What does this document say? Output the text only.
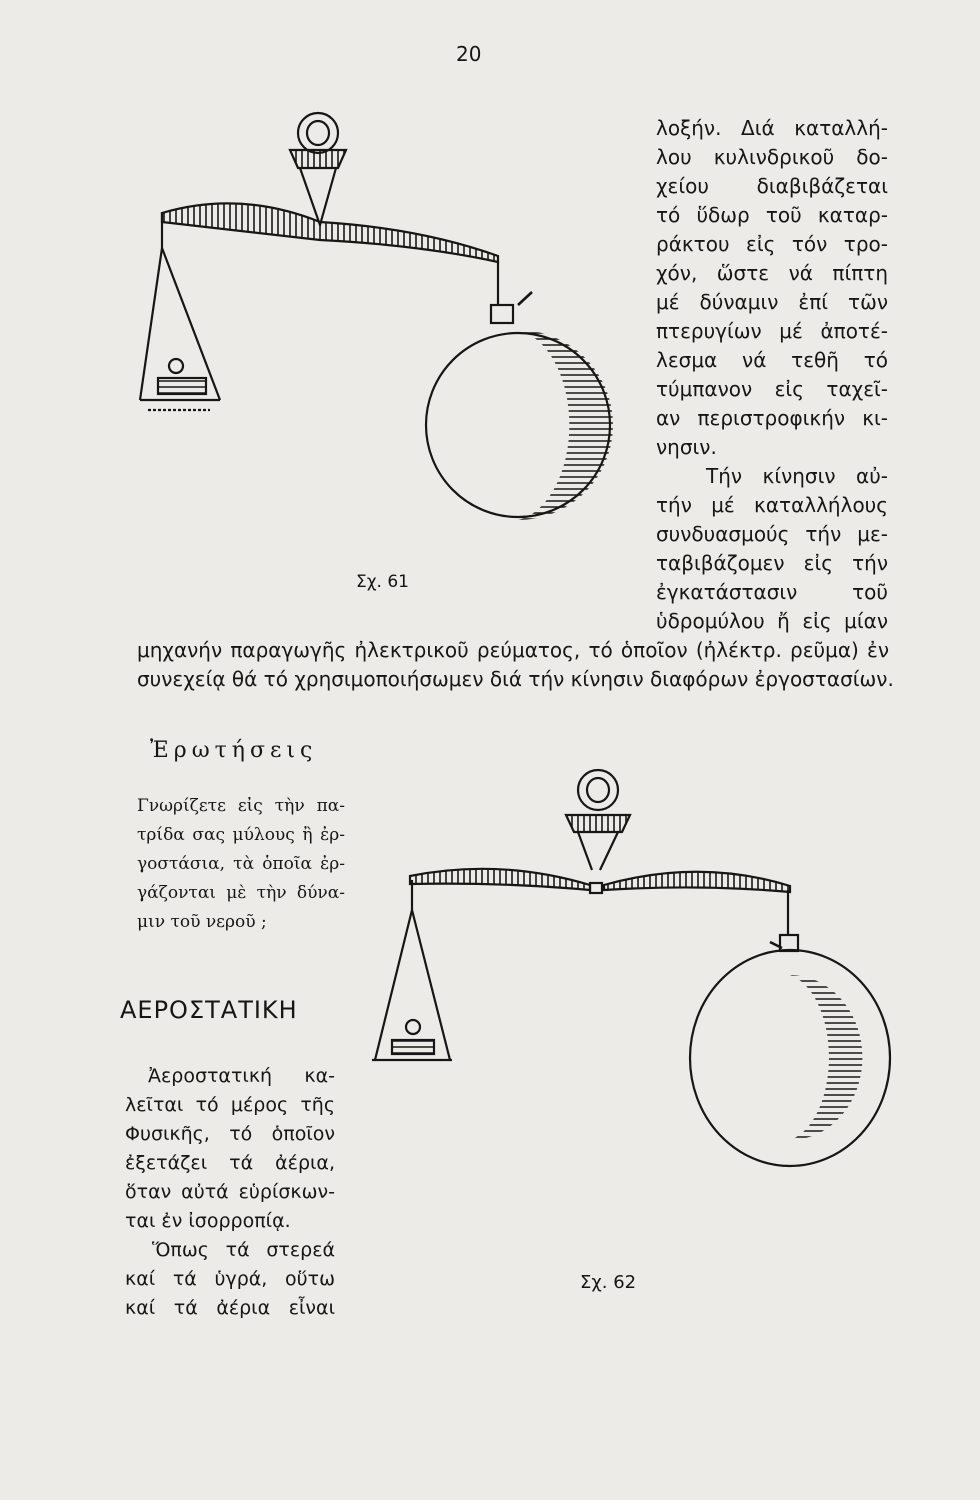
20
λοξήν. Διά καταλλή-
λου κυλινδρικοῦ δο-
χείου διαβιβάζεται
τό ὕδωρ τοῦ καταρ-
ράκτου εἰς τόν τρο-
χόν, ὥστε νά πίπτη
μέ δύναμιν ἐπί τῶν
πτερυγίων μέ ἀποτέ-
λεσμα νά τεθῆ τό
τύμπανον εἰς ταχεῖ-
αν περιστροφικήν κι-
νησιν.
Τήν κίνησιν αὐ-
τήν μέ καταλλήλους
συνδυασμούς τήν με-
ταβιβάζομεν εἰς τήν
ἐγκατάστασιν τοῦ
ὑδρομύλου ἤ εἰς μίαν
μηχανήν παραγωγῆς ἠλεκτρικοῦ ρεύματος, τό ὁποῖον (ἠλέκτρ. ρεῦμα) ἐν
συνεχείᾳ θά τό χρησιμοποιήσωμεν διά τήν κίνησιν διαφόρων ἐργοστασίων.
Σχ. 61
Ἐρωτήσεις
Γνωρίζετε εἰς τὴν πα-
τρίδα σας μύλους ἢ ἐρ-
γοστάσια, τὰ ὁποῖα ἐρ-
γάζονται μὲ τὴν δύνα-
μιν τοῦ νεροῦ ;
ΑΕΡΟΣΤΑΤΙΚΗ
Ἀεροστατική κα-
λεῖται τό μέρος τῆς
Φυσικῆς, τό ὁποῖον
ἐξετάζει τά ἀέρια,
ὅταν αὐτά εὑρίσκων-
ται ἐν ἰσορροπίᾳ.
Ὅπως τά στερεά
καί τά ὑγρά, οὕτω
καί τά ἀέρια εἶναι
Σχ. 62
